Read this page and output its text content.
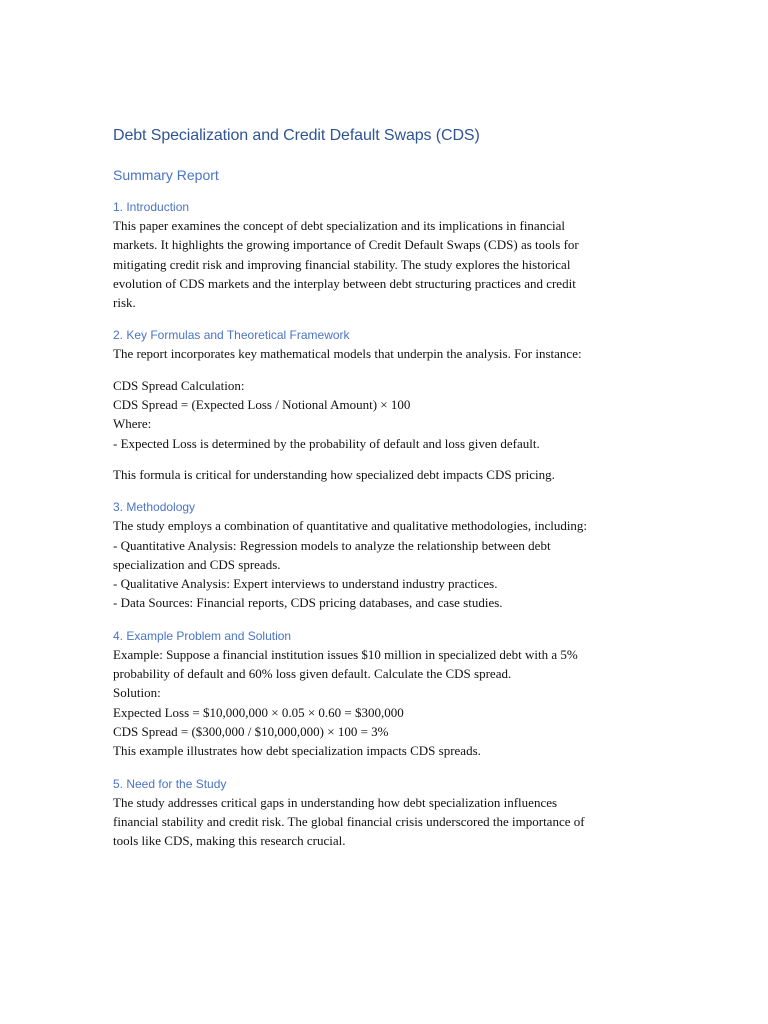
Debt Specialization and Credit Default Swaps (CDS)
Summary Report
1. Introduction

This paper examines the concept of debt specialization and its implications in financial
markets. It highlights the growing importance of Credit Default Swaps (CDS) as tools for
mitigating credit risk and improving financial stability. The study explores the historical
evolution of CDS markets and the interplay between debt structuring practices and credit
risk.

2. Key Formulas and Theoretical Framework

The report incorporates key mathematical models that underpin the analysis. For instance:

CDS Spread Calculation:
CDS Spread = (Expected Loss / Notional Amount) × 100
Where:
- Expected Loss is determined by the probability of default and loss given default.

This formula is critical for understanding how specialized debt impacts CDS pricing.

3. Methodology

The study employs a combination of quantitative and qualitative methodologies, including:
- Quantitative Analysis: Regression models to analyze the relationship between debt
specialization and CDS spreads.
- Qualitative Analysis: Expert interviews to understand industry practices.
- Data Sources: Financial reports, CDS pricing databases, and case studies.

4. Example Problem and Solution

Example: Suppose a financial institution issues $10 million in specialized debt with a 5%
probability of default and 60% loss given default. Calculate the CDS spread.
Solution:
Expected Loss = $10,000,000 × 0.05 × 0.60 = $300,000
CDS Spread = ($300,000 / $10,000,000) × 100 = 3%
This example illustrates how debt specialization impacts CDS spreads.

5. Need for the Study

The study addresses critical gaps in understanding how debt specialization influences
financial stability and credit risk. The global financial crisis underscored the importance of
tools like CDS, making this research crucial.
